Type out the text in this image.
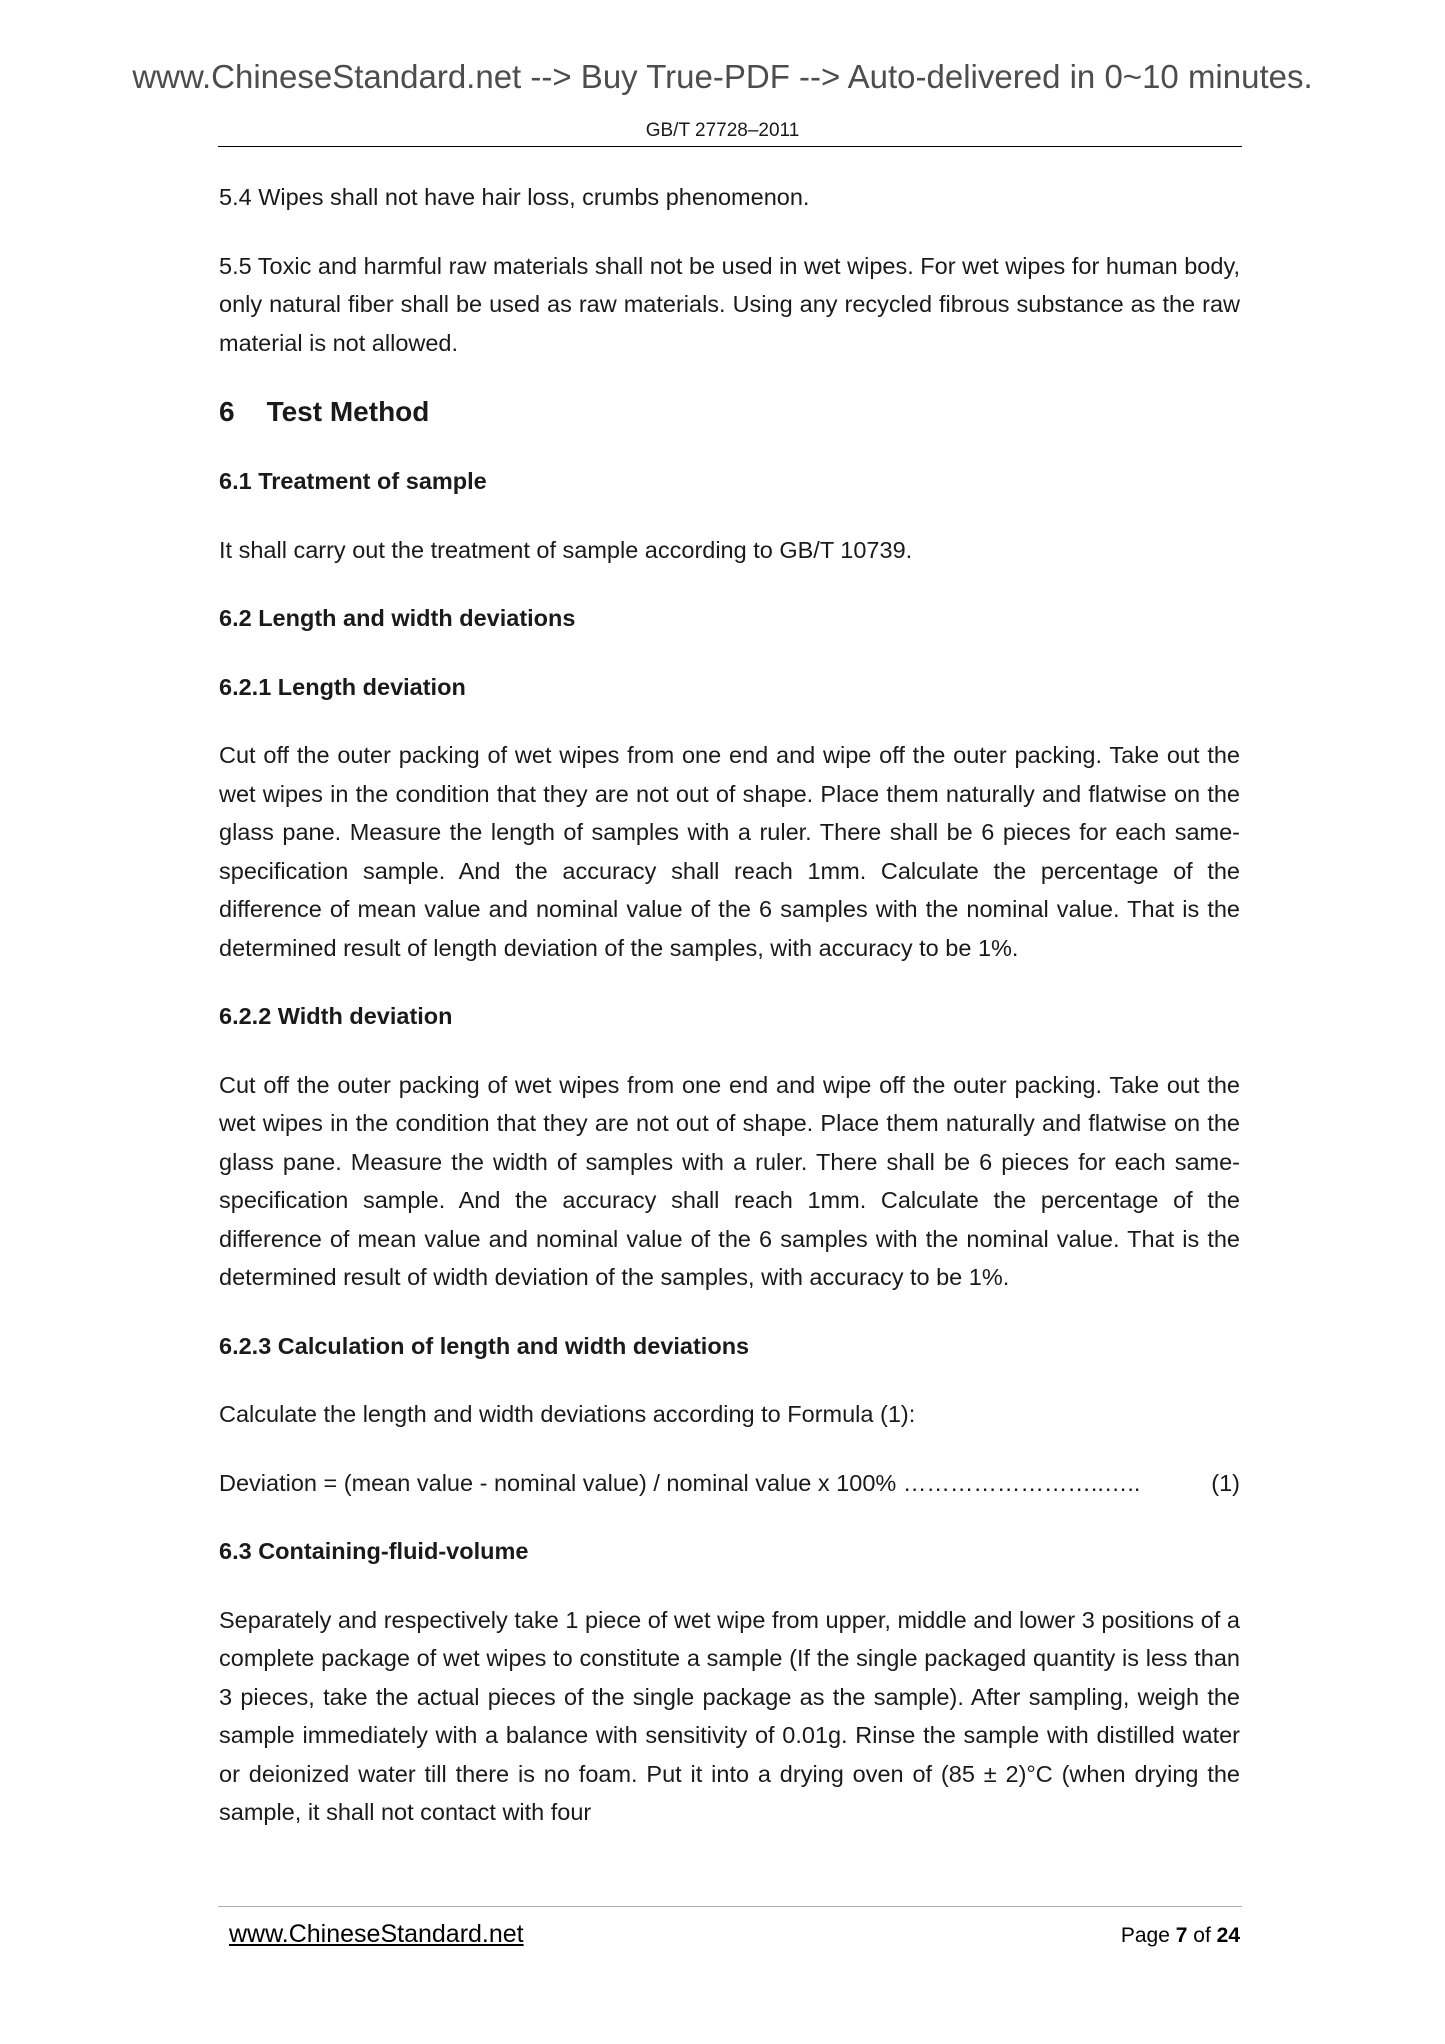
www.ChineseStandard.net --> Buy True-PDF --> Auto-delivered in 0~10 minutes.
GB/T 27728–2011

5.4 Wipes shall not have hair loss, crumbs phenomenon.

5.5 Toxic and harmful raw materials shall not be used in wet wipes. For wet wipes for human body, only natural fiber shall be used as raw materials. Using any recycled fibrous substance as the raw material is not allowed.

6 Test Method
6.1 Treatment of sample

It shall carry out the treatment of sample according to GB/T 10739.

6.2 Length and width deviations
6.2.1 Length deviation

Cut off the outer packing of wet wipes from one end and wipe off the outer packing. Take out the wet wipes in the condition that they are not out of shape. Place them naturally and flatwise on the glass pane. Measure the length of samples with a ruler. There shall be 6 pieces for each same-specification sample. And the accuracy shall reach 1mm. Calculate the percentage of the difference of mean value and nominal value of the 6 samples with the nominal value. That is the determined result of length deviation of the samples, with accuracy to be 1%.

6.2.2 Width deviation

Cut off the outer packing of wet wipes from one end and wipe off the outer packing. Take out the wet wipes in the condition that they are not out of shape. Place them naturally and flatwise on the glass pane. Measure the width of samples with a ruler. There shall be 6 pieces for each same-specification sample. And the accuracy shall reach 1mm. Calculate the percentage of the difference of mean value and nominal value of the 6 samples with the nominal value. That is the determined result of width deviation of the samples, with accuracy to be 1%.

6.2.3 Calculation of length and width deviations

Calculate the length and width deviations according to Formula (1):

Deviation = (mean value - nominal value) / nominal value x 100% ……………………..…..	(1)
6.3 Containing-fluid-volume

Separately and respectively take 1 piece of wet wipe from upper, middle and lower 3 positions of a complete package of wet wipes to constitute a sample (If the single packaged quantity is less than 3 pieces, take the actual pieces of the single package as the sample). After sampling, weigh the sample immediately with a balance with sensitivity of 0.01g. Rinse the sample with distilled water or deionized water till there is no foam. Put it into a drying oven of (85 ± 2)°C (when drying the sample, it shall not contact with four

www.ChineseStandard.net	Page 7 of 24
